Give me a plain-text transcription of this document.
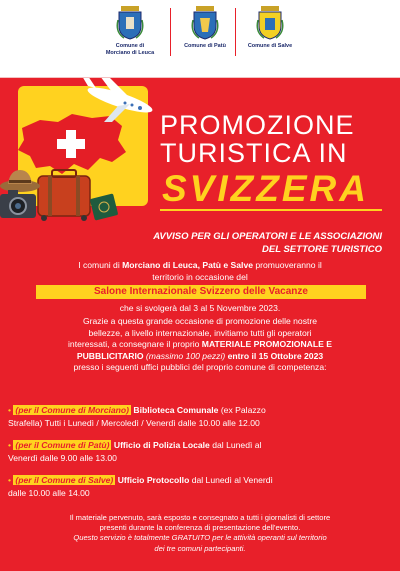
Comune di
Morciano di Leuca
Comune di Patù	Comune di Salve
PROMOZIONE
TURISTICA IN
SVIZZERA
AVVISO PER GLI OPERATORI E LE ASSOCIAZIONI
DEL SETTORE TURISTICO
I comuni di Morciano di Leuca, Patù e Salve promuoveranno il
territorio in occasione del
Salone Internazionale Svizzero delle Vacanze
che si svolgerà dal 3 al 5 Novembre 2023.
Grazie a questa grande occasione di promozione delle nostre
bellezze, a livello internazionale, invitiamo tutti gli operatori
interessati, a consegnare il proprio MATERIALE PROMOZIONALE E
PUBBLICITARIO (massimo 100 pezzi) entro il 15 Ottobre 2023
presso i seguenti uffici pubblici del proprio comune di competenza:
• (per il Comune di Morciano) Biblioteca Comunale (ex Palazzo
Strafella) Tutti i Lunedì / Mercoledì / Venerdì dalle 10.00 alle 12.00
• (per il Comune di Patù) Ufficio di Polizia Locale dal Lunedì al
Venerdì dalle 9.00 alle 13.00
• (per il Comune di Salve) Ufficio Protocollo dal Lunedì al Venerdì
dalle 10.00 alle 14.00
Il materiale pervenuto, sarà esposto e consegnato a tutti i giornalisti di settore
presenti durante la conferenza di presentazione dell'evento.
Questo servizio è totalmente GRATUITO per le attività operanti sul territorio
dei tre comuni partecipanti.
